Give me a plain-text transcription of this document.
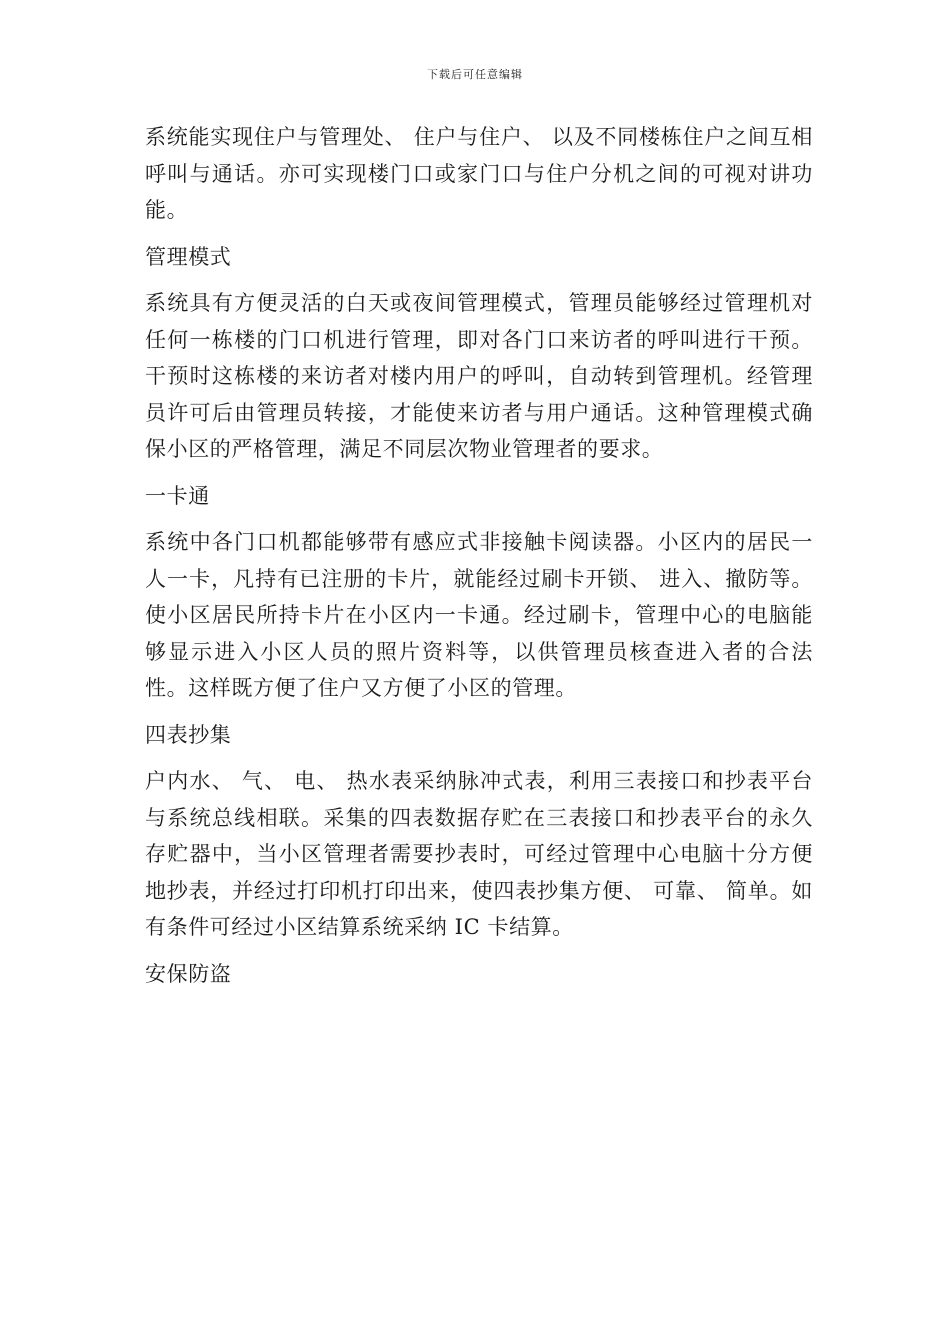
下载后可任意编辑

系统能实现住户与管理处、 住户与住户、 以及不同楼栋住户之间互相呼叫与通话。亦可实现楼门口或家门口与住户分机之间的可视对讲功能。

管理模式

系统具有方便灵活的白天或夜间管理模式，管理员能够经过管理机对任何一栋楼的门口机进行管理，即对各门口来访者的呼叫进行干预。干预时这栋楼的来访者对楼内用户的呼叫，自动转到管理机。经管理员许可后由管理员转接，才能使来访者与用户通话。这种管理模式确保小区的严格管理，满足不同层次物业管理者的要求。

一卡通

系统中各门口机都能够带有感应式非接触卡阅读器。小区内的居民一人一卡，凡持有已注册的卡片，就能经过刷卡开锁、 进入、撤防等。使小区居民所持卡片在小区内一卡通。经过刷卡，管理中心的电脑能够显示进入小区人员的照片资料等，以供管理员核查进入者的合法性。这样既方便了住户又方便了小区的管理。

四表抄集

户内水、 气、 电、 热水表采纳脉冲式表，利用三表接口和抄表平台与系统总线相联。采集的四表数据存贮在三表接口和抄表平台的永久存贮器中，当小区管理者需要抄表时，可经过管理中心电脑十分方便地抄表，并经过打印机打印出来，使四表抄集方便、 可靠、 简单。如有条件可经过小区结算系统采纳 IC 卡结算。

安保防盗
